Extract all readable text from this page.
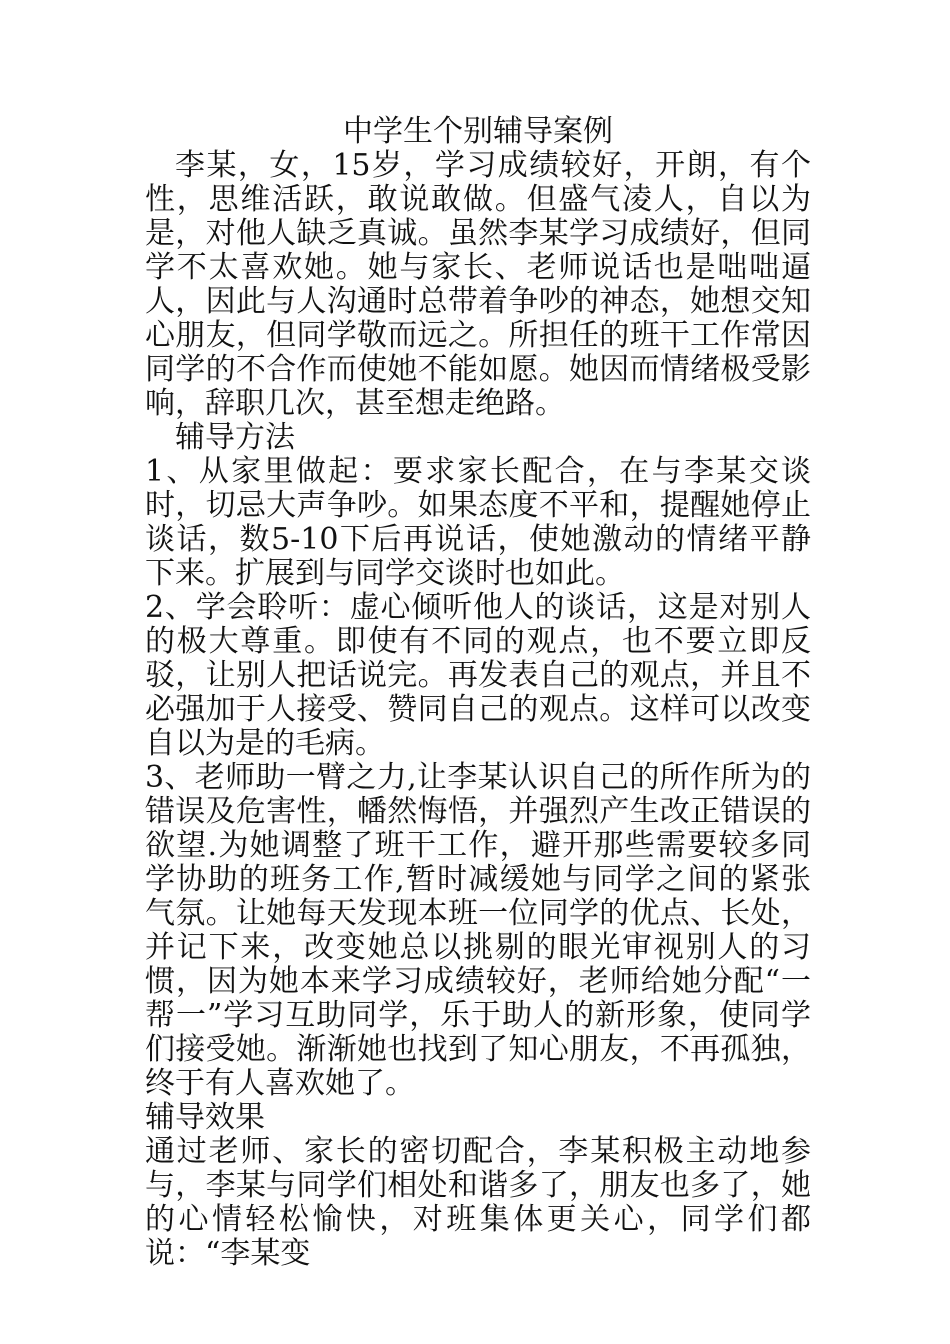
中学生个别辅导案例

李某，女，15岁，学习成绩较好，开朗，有个性，思维活跃，敢说敢做。但盛气凌人，自以为是，对他人缺乏真诚。虽然李某学习成绩好，但同学不太喜欢她。她与家长、老师说话也是咄咄逼人，因此与人沟通时总带着争吵的神态，她想交知心朋友，但同学敬而远之。所担任的班干工作常因同学的不合作而使她不能如愿。她因而情绪极受影响，辞职几次，甚至想走绝路。

辅导方法

1、从家里做起：要求家长配合，在与李某交谈时，切忌大声争吵。如果态度不平和，提醒她停止谈话，数5-10下后再说话，使她激动的情绪平静下来。扩展到与同学交谈时也如此。

2、学会聆听：虚心倾听他人的谈话，这是对别人的极大尊重。即使有不同的观点，也不要立即反驳，让别人把话说完。再发表自己的观点，并且不必强加于人接受、赞同自己的观点。这样可以改变自以为是的毛病。

3、老师助一臂之力,让李某认识自己的所作所为的错误及危害性，幡然悔悟，并强烈产生改正错误的欲望.为她调整了班干工作，避开那些需要较多同学协助的班务工作,暂时减缓她与同学之间的紧张气氛。让她每天发现本班一位同学的优点、长处，并记下来，改变她总以挑剔的眼光审视别人的习惯，因为她本来学习成绩较好，老师给她分配“一帮一”学习互助同学，乐于助人的新形象，使同学们接受她。渐渐她也找到了知心朋友，不再孤独，终于有人喜欢她了。

辅导效果

通过老师、家长的密切配合，李某积极主动地参与，李某与同学们相处和谐多了，朋友也多了，她的心情轻松愉快，对班集体更关心，同学们都说：“李某变
